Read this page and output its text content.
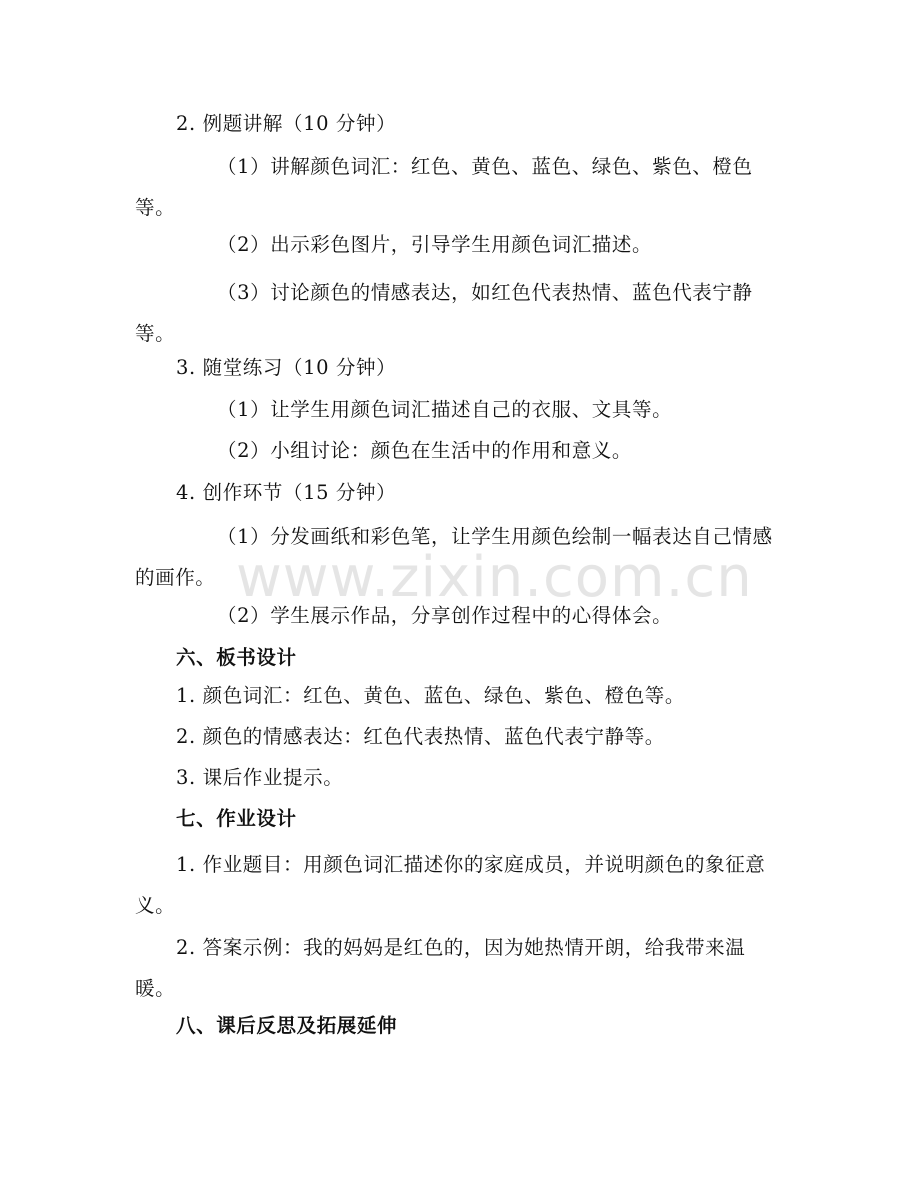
2. 例题讲解（10 分钟）
（1）讲解颜色词汇：红色、黄色、蓝色、绿色、紫色、橙色等。
（2）出示彩色图片，引导学生用颜色词汇描述。
（3）讨论颜色的情感表达，如红色代表热情、蓝色代表宁静等。
3. 随堂练习（10 分钟）
（1）让学生用颜色词汇描述自己的衣服、文具等。
（2）小组讨论：颜色在生活中的作用和意义。
4. 创作环节（15 分钟）
（1）分发画纸和彩色笔，让学生用颜色绘制一幅表达自己情感的画作。
（2）学生展示作品，分享创作过程中的心得体会。
六、板书设计
1. 颜色词汇：红色、黄色、蓝色、绿色、紫色、橙色等。
2. 颜色的情感表达：红色代表热情、蓝色代表宁静等。
3. 课后作业提示。
七、作业设计
1. 作业题目：用颜色词汇描述你的家庭成员，并说明颜色的象征意义。
2. 答案示例：我的妈妈是红色的，因为她热情开朗，给我带来温暖。
八、课后反思及拓展延伸
www.zixin.com.cn
